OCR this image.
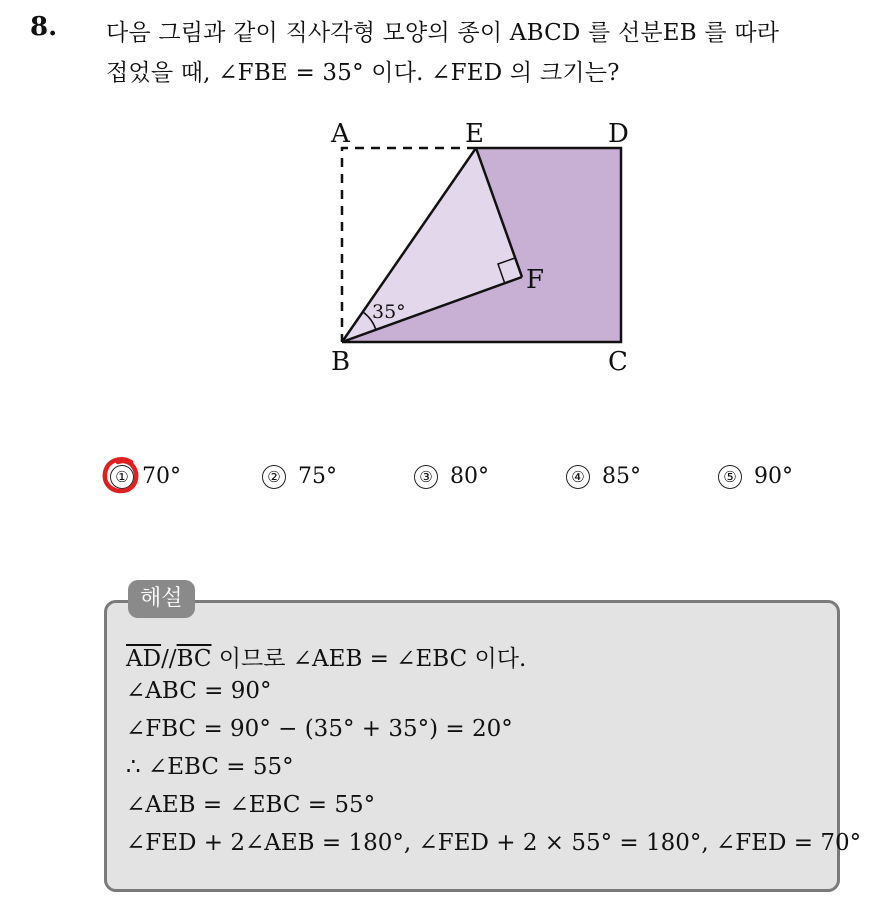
8. 다음 그림과 같이 직사각형 모양의 종이 ABCD 를 선분EB 를 따라
접었을 때, ∠FBE = 35° 이다. ∠FED 의 크기는?
35°
A	E	D
F
B	C
① 70°	② 75°	③ 80°	④ 85°	⑤ 90°
해설
$\overline{AD}//\overline{BC}$ 이므로 ∠AEB = ∠EBC 이다.
∠ABC = 90°
∠FBC = 90° − (35° + 35°) = 20°
∴ ∠EBC = 55°
∠AEB = ∠EBC = 55°
∠FED + 2∠AEB = 180°, ∠FED + 2 × 55° = 180°, ∠FED = 70°
